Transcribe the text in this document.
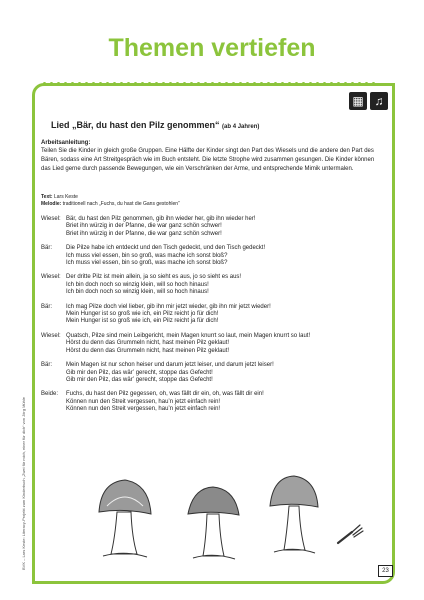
Themen vertiefen
▦ ♫
Lied „Bär, du hast den Pilz genommen“ (ab 4 Jahren)
Arbeitsanleitung:
Teilen Sie die Kinder in gleich große Gruppen. Eine Hälfte der Kinder singt den Part des Wiesels und die andere den Part des Bären, sodass eine Art Streitgespräch wie im Buch entsteht. Die letzte Strophe wird zusammen gesungen. Die Kinder können das Lied gerne durch passende Bewegungen, wie ein Verschränken der Arme, und entsprechende Mimik untermalen.
Text: Lars Keste
Melodie: traditionell nach „Fuchs, du hast die Gans gestohlen“
Wiesel: Bär, du hast den Pilz genommen, gib ihn wieder her, gib ihn wieder her!
Briet ihn würzig in der Pfanne, die war ganz schön schwer!
Briet ihn würzig in der Pfanne, die war ganz schön schwer!
Bär: Die Pilze habe ich entdeckt und den Tisch gedeckt, und den Tisch gedeckt!
Ich muss viel essen, bin so groß, was mache ich sonst bloß?
Ich muss viel essen, bin so groß, was mache ich sonst bloß?
Wiesel: Der dritte Pilz ist mein allein, ja so sieht es aus, jo so sieht es aus!
Ich bin doch noch so winzig klein, will so hoch hinaus!
Ich bin doch noch so winzig klein, will so hoch hinaus!
Bär: Ich mag Pilze doch viel lieber, gib ihn mir jetzt wieder, gib ihn mir jetzt wieder!
Mein Hunger ist so groß wie ich, ein Pilz reicht jo für dich!
Mein Hunger ist so groß wie ich, ein Pilz reicht ja für dich!
Wiesel: Quatsch, Pilze sind mein Leibgericht, mein Magen knurrt so laut, mein Magen knurrt so laut!
Hörst du denn das Grummeln nicht, hast meinen Pilz geklaut!
Hörst du denn das Grummeln nicht, hast meinen Pilz geklaut!
Bär: Mein Magen ist nur schon heiser und darum jetzt leiser, und darum jetzt leiser!
Gib mir den Pilz, das wär’ gerecht, stoppe das Gefecht!
Gib mir den Pilz, das wär’ gerecht, stoppe das Gefecht!
Beide: Fuchs, du hast den Pilz gegessen, oh, was fällt dir ein, oh, was fällt dir ein!
Können nun den Streit vergessen, hau’n jetzt einfach rein!
Können nun den Streit vergessen, hau’n jetzt einfach rein!
23
BVK – Lars Keste: Literacy-Projekt zum Kinderbuch „Zwei für mich, einer für dich“ von Jörg Mühle
